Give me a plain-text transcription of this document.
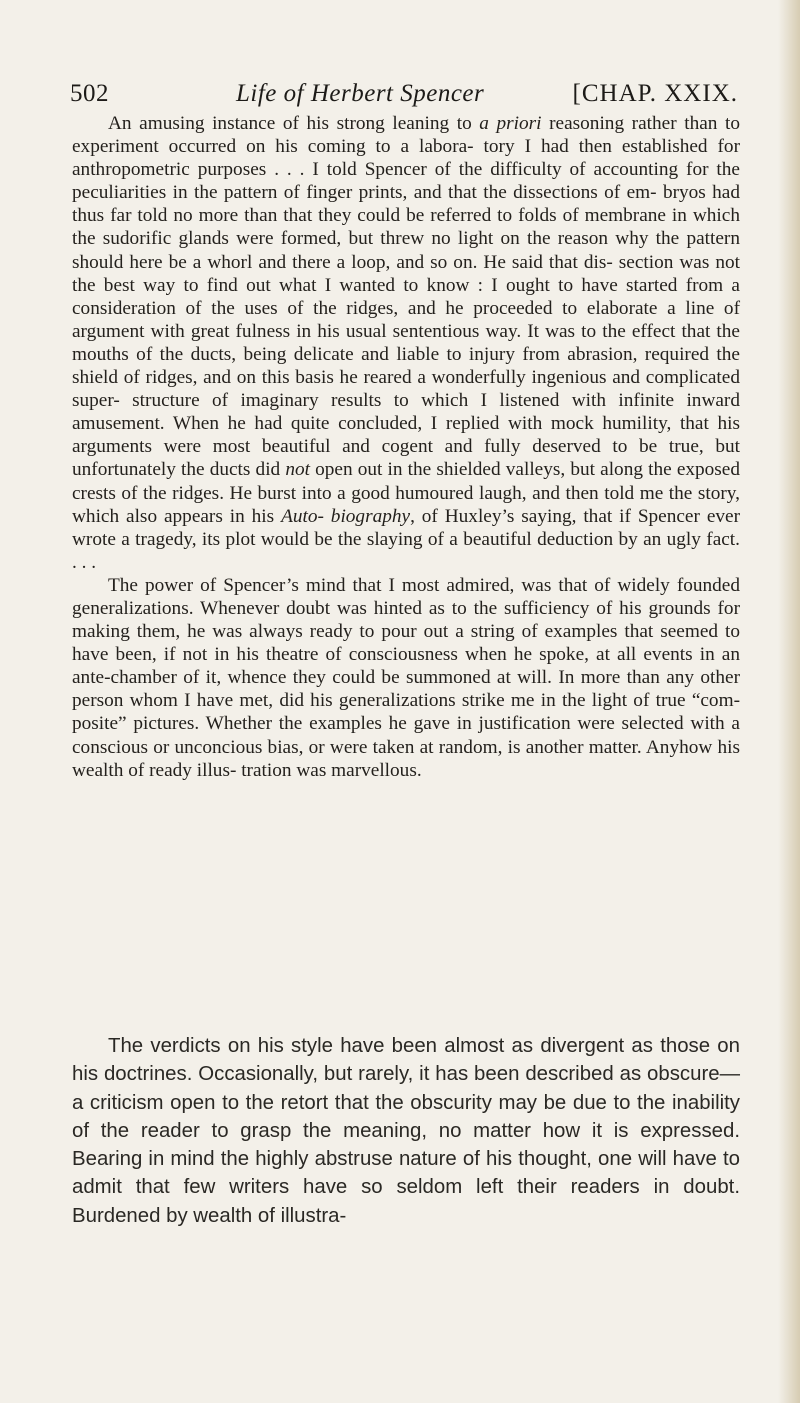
502	Life of Herbert Spencer	[CHAP. XXIX.

An amusing instance of his strong leaning to a priori reasoning rather than to experiment occurred on his coming to a labora- tory I had then established for anthropometric purposes . . . I told Spencer of the difficulty of accounting for the peculiarities in the pattern of finger prints, and that the dissections of em- bryos had thus far told no more than that they could be referred to folds of membrane in which the sudorific glands were formed, but threw no light on the reason why the pattern should here be a whorl and there a loop, and so on. He said that dis- section was not the best way to find out what I wanted to know : I ought to have started from a consideration of the uses of the ridges, and he proceeded to elaborate a line of argument with great fulness in his usual sententious way. It was to the effect that the mouths of the ducts, being delicate and liable to injury from abrasion, required the shield of ridges, and on this basis he reared a wonderfully ingenious and complicated super- structure of imaginary results to which I listened with infinite inward amusement. When he had quite concluded, I replied with mock humility, that his arguments were most beautiful and cogent and fully deserved to be true, but unfortunately the ducts did not open out in the shielded valleys, but along the exposed crests of the ridges. He burst into a good humoured laugh, and then told me the story, which also appears in his Auto- biography, of Huxley’s saying, that if Spencer ever wrote a tragedy, its plot would be the slaying of a beautiful deduction by an ugly fact. . . .

The power of Spencer’s mind that I most admired, was that of widely founded generalizations. Whenever doubt was hinted as to the sufficiency of his grounds for making them, he was always ready to pour out a string of examples that seemed to have been, if not in his theatre of consciousness when he spoke, at all events in an ante-chamber of it, whence they could be summoned at will. In more than any other person whom I have met, did his generalizations strike me in the light of true “com- posite” pictures. Whether the examples he gave in justification were selected with a conscious or unconcious bias, or were taken at random, is another matter. Anyhow his wealth of ready illus- tration was marvellous.

The verdicts on his style have been almost as divergent as those on his doctrines. Occasionally, but rarely, it has been described as obscure—a criticism open to the retort that the obscurity may be due to the inability of the reader to grasp the meaning, no matter how it is expressed. Bearing in mind the highly abstruse nature of his thought, one will have to admit that few writers have so seldom left their readers in doubt. Burdened by wealth of illustra-
